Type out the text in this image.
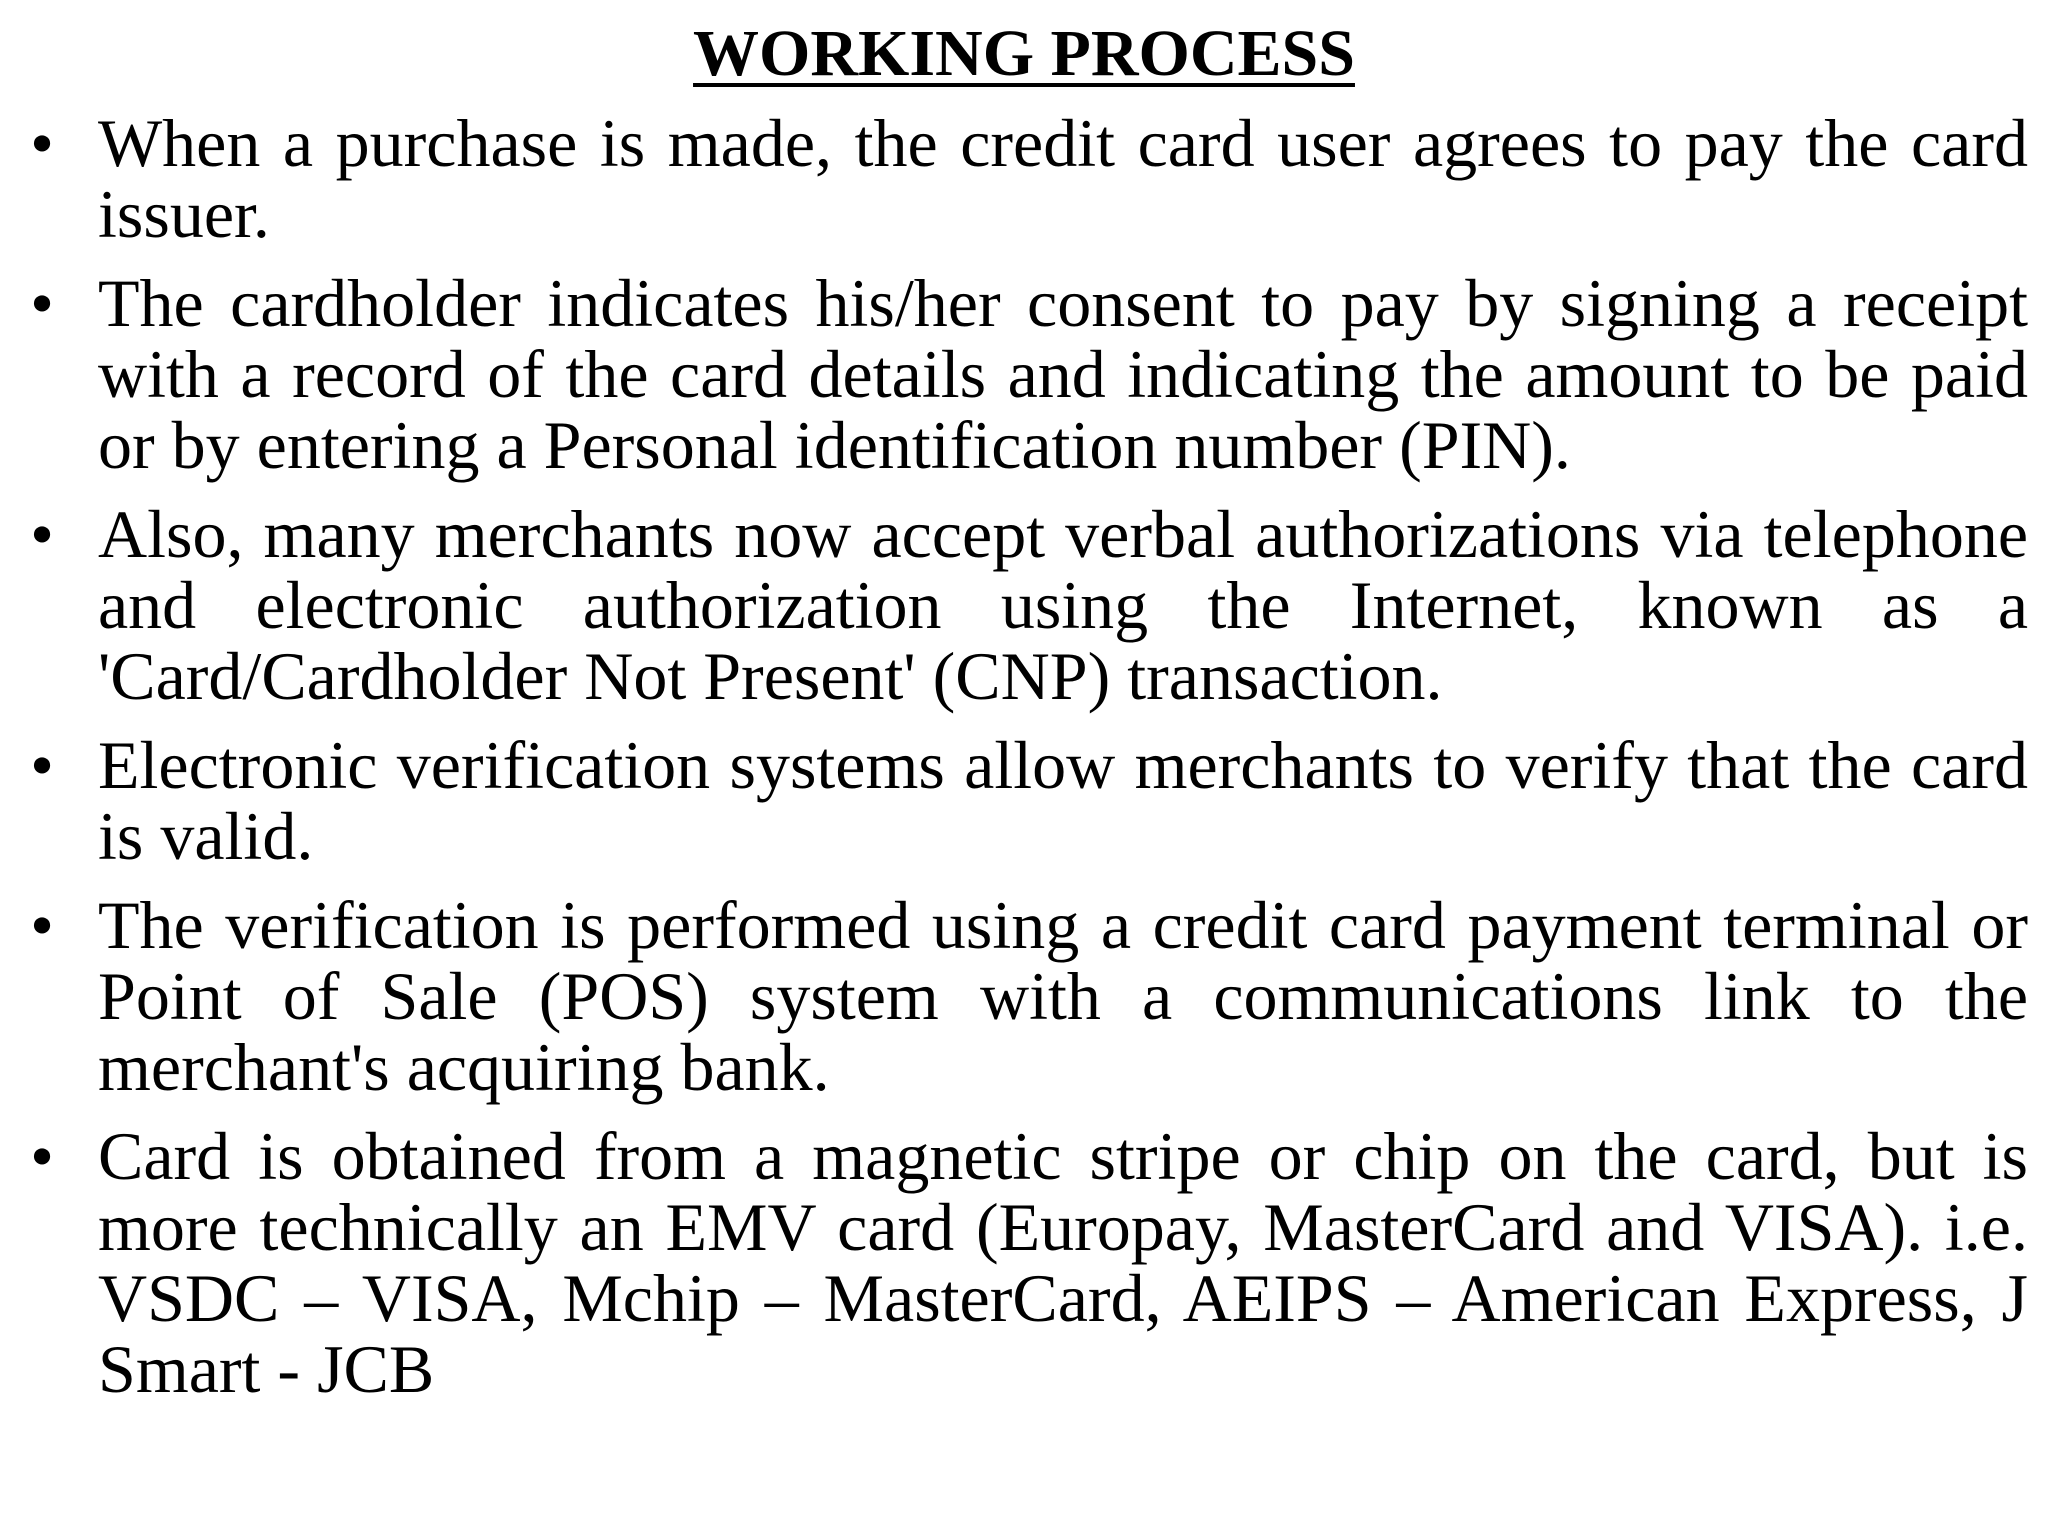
WORKING PROCESS
• When a purchase is made, the credit card user agrees to pay the card issuer.
• The cardholder indicates his/her consent to pay by signing a receipt with a record of the card details and indicating the amount to be paid or by entering a Personal identification number (PIN).
• Also, many merchants now accept verbal authorizations via telephone and electronic authorization using the Internet, known as a 'Card/Cardholder Not Present' (CNP) transaction.
• Electronic verification systems allow merchants to verify that the card is valid.
• The verification is performed using a credit card payment terminal or Point of Sale (POS) system with a communications link to the merchant's acquiring bank.
• Card is obtained from a magnetic stripe or chip on the card, but is more technically an EMV card (Europay, MasterCard and VISA). i.e. VSDC – VISA, Mchip – MasterCard, AEIPS – American Express, J Smart - JCB
